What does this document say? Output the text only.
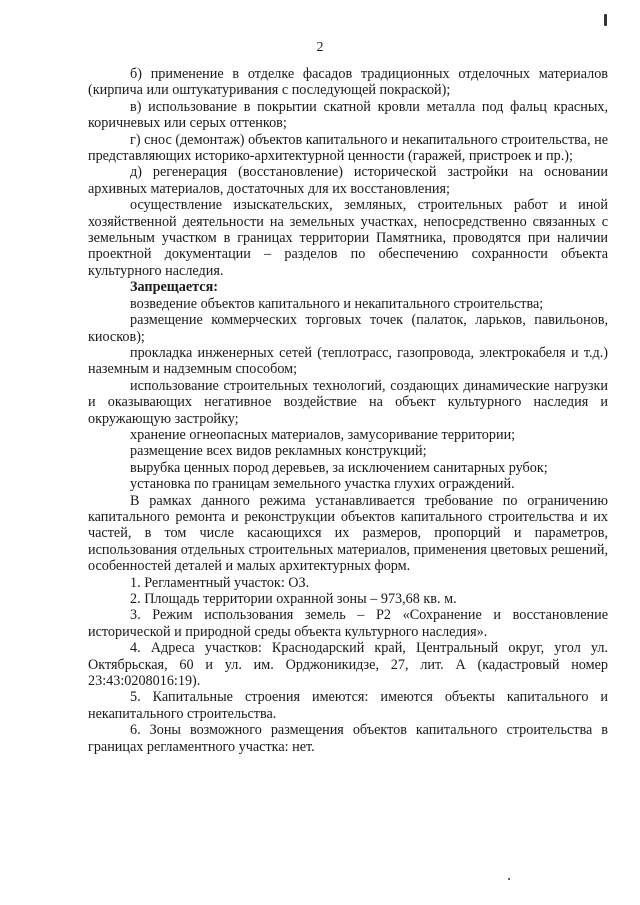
2

б) применение в отделке фасадов традиционных отделочных материалов (кирпича или оштукатуривания с последующей покраской);

в) использование в покрытии скатной кровли металла под фальц красных, коричневых или серых оттенков;

г) снос (демонтаж) объектов капитального и некапитального строительства, не представляющих историко-архитектурной ценности (гаражей, пристроек и пр.);

д) регенерация (восстановление) исторической застройки на основании архивных материалов, достаточных для их восстановления;

осуществление изыскательских, земляных, строительных работ и иной хозяйственной деятельности на земельных участках, непосредственно связанных с земельным участком в границах территории Памятника, проводятся при наличии проектной документации – разделов по обеспечению сохранности объекта культурного наследия.

Запрещается:

возведение объектов капитального и некапитального строительства;

размещение коммерческих торговых точек (палаток, ларьков, павильонов, киосков);

прокладка инженерных сетей (теплотрасс, газопровода, электрокабеля и т.д.) наземным и надземным способом;

использование строительных технологий, создающих динамические нагрузки и оказывающих негативное воздействие на объект культурного наследия и окружающую застройку;

хранение огнеопасных материалов, замусоривание территории;

размещение всех видов рекламных конструкций;

вырубка ценных пород деревьев, за исключением санитарных рубок;

установка по границам земельного участка глухих ограждений.

В рамках данного режима устанавливается требование по ограничению капитального ремонта и реконструкции объектов капитального строительства и их частей, в том числе касающихся их размеров, пропорций и параметров, использования отдельных строительных материалов, применения цветовых решений, особенностей деталей и малых архитектурных форм.

1. Регламентный участок: ОЗ.

2. Площадь территории охранной зоны – 973,68 кв. м.

3. Режим использования земель – Р2 «Сохранение и восстановление исторической и природной среды объекта культурного наследия».

4. Адреса участков: Краснодарский край, Центральный округ, угол ул. Октябрьская, 60 и ул. им. Орджоникидзе, 27, лит. А (кадастровый номер 23:43:0208016:19).

5. Капитальные строения имеются: имеются объекты капитального и некапитального строительства.

6. Зоны возможного размещения объектов капитального строительства в границах регламентного участка: нет.
